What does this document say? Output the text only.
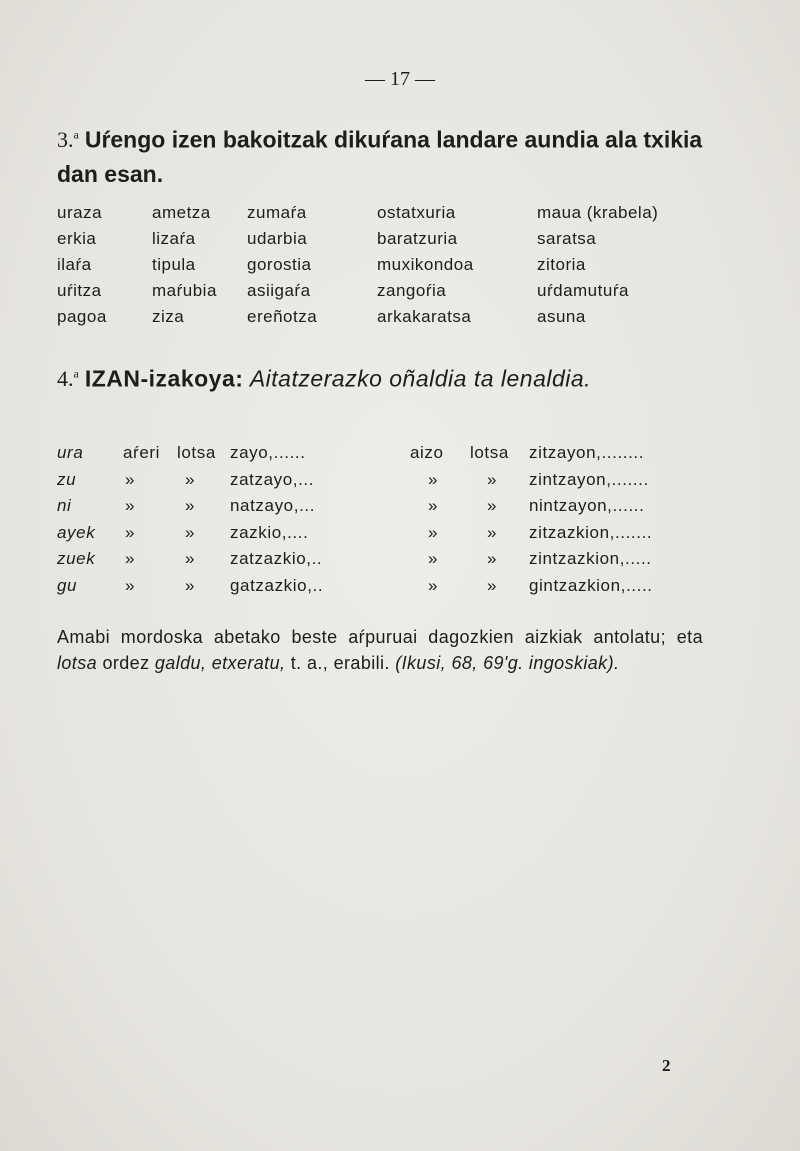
— 17 —
3.$^a$ Uŕengo izen bakoitzak dikuŕana landare aundia ala txikia dan esan.
uraza	ametza	zumaŕa	ostatxuria	maua (krabela)
erkia	lizaŕa	udarbia	baratzuria	saratsa
ilaŕa	tipula	gorostia	muxikondoa	zitoria
uŕitza	maŕubia	asiigaŕa	zangoŕia	uŕdamutuŕa
pagoa	ziza	ereñotza	arkakaratsa	asuna
4.$^a$ IZAN-izakoya: Aitatzerazko oñaldia ta lenaldia.
ura aŕeri lotsa zayo,......	aizo lotsa zitzayon,........
zu	»	» zatzayo,...	»	» zintzayon,.......
ni	»	» natzayo,...	»	» nintzayon,......
ayek »	» zazkio,....	»	» zitzazkion,.......
zuek »	» zatzazkio,..	»	» zintzazkion,.....
gu	»	» gatzazkio,..	»	» gintzazkion,.....
Amabi mordoska abetako beste aŕpuruai dagozkien aizkiak antolatu; eta lotsa ordez galdu, etxeratu, t. a., erabili. (Ikusi, 68, 69'g. ingoskiak).
2
